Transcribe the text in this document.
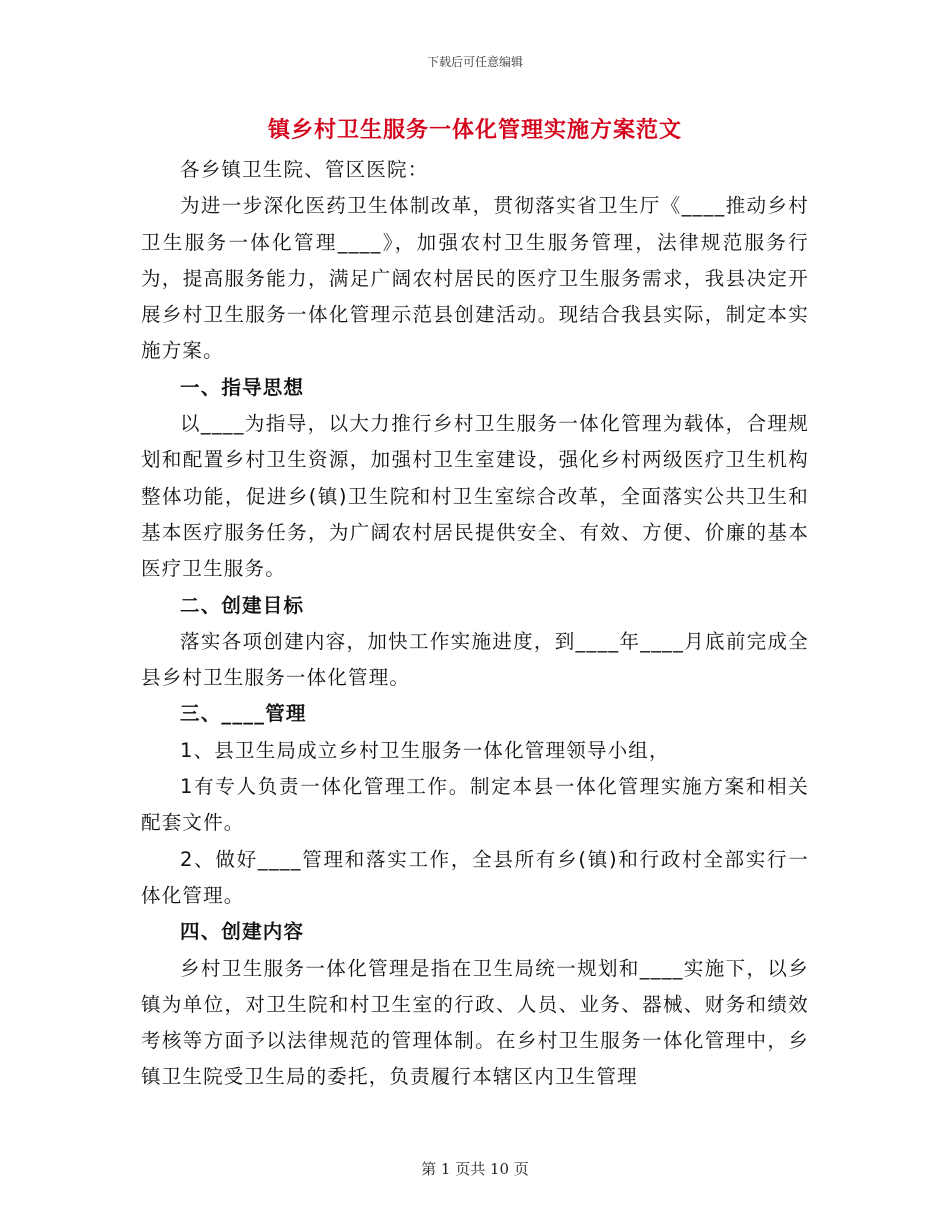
下载后可任意编辑
镇乡村卫生服务一体化管理实施方案范文

各乡镇卫生院、管区医院：

为进一步深化医药卫生体制改革，贯彻落实省卫生厅《____推动乡村卫生服务一体化管理____》，加强农村卫生服务管理，法律规范服务行为，提高服务能力，满足广阔农村居民的医疗卫生服务需求，我县决定开展乡村卫生服务一体化管理示范县创建活动。现结合我县实际，制定本实施方案。

一、指导思想

以____为指导，以大力推行乡村卫生服务一体化管理为载体，合理规划和配置乡村卫生资源，加强村卫生室建设，强化乡村两级医疗卫生机构整体功能，促进乡(镇)卫生院和村卫生室综合改革，全面落实公共卫生和基本医疗服务任务，为广阔农村居民提供安全、有效、方便、价廉的基本医疗卫生服务。

二、创建目标

落实各项创建内容，加快工作实施进度，到____年____月底前完成全县乡村卫生服务一体化管理。

三、____管理

1、县卫生局成立乡村卫生服务一体化管理领导小组，

1有专人负责一体化管理工作。制定本县一体化管理实施方案和相关配套文件。

2、做好____管理和落实工作，全县所有乡(镇)和行政村全部实行一体化管理。

四、创建内容

乡村卫生服务一体化管理是指在卫生局统一规划和____实施下，以乡镇为单位，对卫生院和村卫生室的行政、人员、业务、器械、财务和绩效考核等方面予以法律规范的管理体制。在乡村卫生服务一体化管理中，乡镇卫生院受卫生局的委托，负责履行本辖区内卫生管理

第 1 页共 10 页
